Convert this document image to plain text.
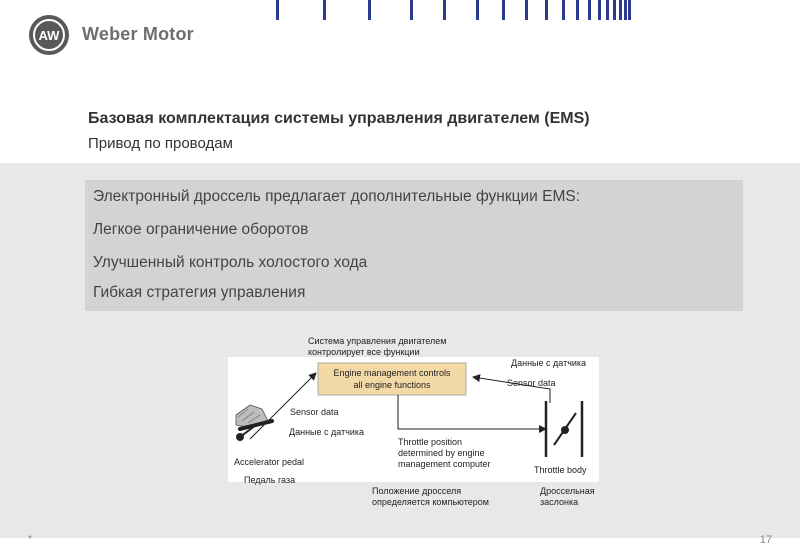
AW Weber Motor
Базовая комплектация системы управления двигателем (EMS)
Привод по проводам
Электронный дроссель предлагает дополнительные функции EMS:
Легкое ограничение оборотов
Улучшенный контроль холостого хода
Гибкая стратегия управления
Engine management controls
all engine functions
Sensor data
Accelerator pedal
Sensor data
Throttle body
Throttle position
determined by engine
management computer
Система управления двигателем
контролирует все функции
Данные с датчика
Данные с датчика
Педаль газа
Положение дросселя
определяется компьютером
Дроссельная
заслонка
*	17
